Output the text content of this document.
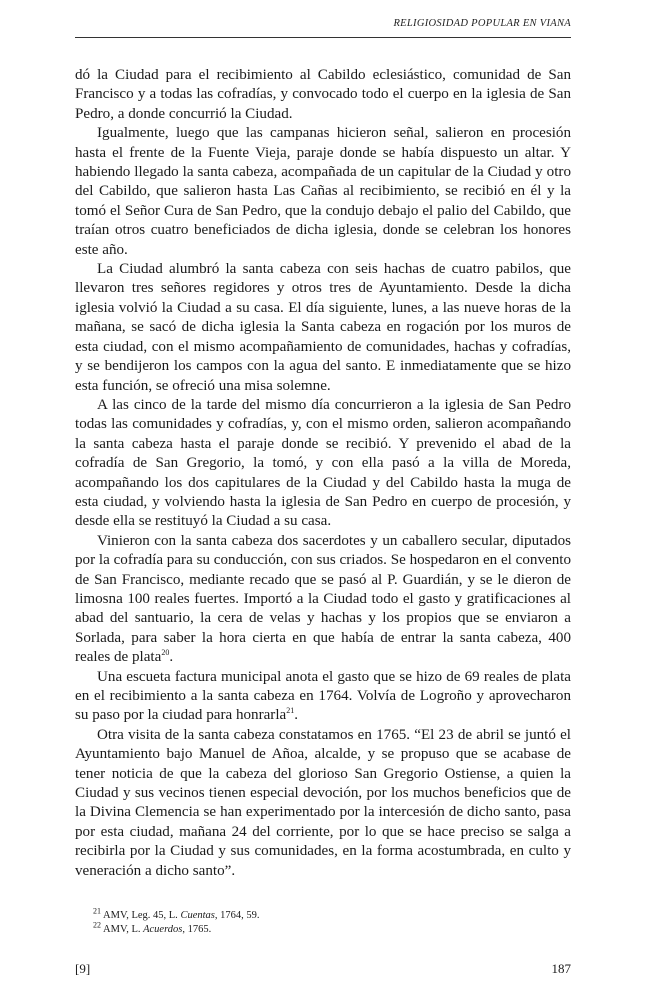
RELIGIOSIDAD POPULAR EN VIANA

dó la Ciudad para el recibimiento al Cabildo eclesiástico, comunidad de San Francisco y a todas las cofradías, y convocado todo el cuerpo en la iglesia de San Pedro, a donde concurrió la Ciudad.

Igualmente, luego que las campanas hicieron señal, salieron en procesión hasta el frente de la Fuente Vieja, paraje donde se había dispuesto un altar. Y habiendo llegado la santa cabeza, acompañada de un capitular de la Ciudad y otro del Cabildo, que salieron hasta Las Cañas al recibimiento, se recibió en él y la tomó el Señor Cura de San Pedro, que la condujo debajo el palio del Cabildo, que traían otros cuatro beneficiados de dicha iglesia, donde se celebran los honores este año.

La Ciudad alumbró la santa cabeza con seis hachas de cuatro pabilos, que llevaron tres señores regidores y otros tres de Ayuntamiento. Desde la dicha iglesia volvió la Ciudad a su casa. El día siguiente, lunes, a las nueve horas de la mañana, se sacó de dicha iglesia la Santa cabeza en rogación por los muros de esta ciudad, con el mismo acompañamiento de comunidades, hachas y cofradías, y se bendijeron los campos con la agua del santo. E inmediatamente que se hizo esta función, se ofreció una misa solemne.

A las cinco de la tarde del mismo día concurrieron a la iglesia de San Pedro todas las comunidades y cofradías, y, con el mismo orden, salieron acompañando la santa cabeza hasta el paraje donde se recibió. Y prevenido el abad de la cofradía de San Gregorio, la tomó, y con ella pasó a la villa de Moreda, acompañando los dos capitulares de la Ciudad y del Cabildo hasta la muga de esta ciudad, y volviendo hasta la iglesia de San Pedro en cuerpo de procesión, y desde ella se restituyó la Ciudad a su casa.

Vinieron con la santa cabeza dos sacerdotes y un caballero secular, diputados por la cofradía para su conducción, con sus criados. Se hospedaron en el convento de San Francisco, mediante recado que se pasó al P. Guardián, y se le dieron de limosna 100 reales fuertes. Importó a la Ciudad todo el gasto y gratificaciones al abad del santuario, la cera de velas y hachas y los propios que se enviaron a Sorlada, para saber la hora cierta en que había de entrar la santa cabeza, 400 reales de plata$^{20}$.

Una escueta factura municipal anota el gasto que se hizo de 69 reales de plata en el recibimiento a la santa cabeza en 1764. Volvía de Logroño y aprovecharon su paso por la ciudad para honrarla$^{21}$.

Otra visita de la santa cabeza constatamos en 1765. “El 23 de abril se juntó el Ayuntamiento bajo Manuel de Añoa, alcalde, y se propuso que se acabase de tener noticia de que la cabeza del glorioso San Gregorio Ostiense, a quien la Ciudad y sus vecinos tienen especial devoción, por los muchos beneficios que de la Divina Clemencia se han experimentado por la intercesión de dicho santo, pasa por esta ciudad, mañana 24 del corriente, por lo que se hace preciso se salga a recibirla por la Ciudad y sus comunidades, en la forma acostumbrada, en culto y veneración a dicho santo”.

$^{21}$ AMV, Leg. 45, L. Cuentas, 1764, 59.
$^{22}$ AMV, L. Acuerdos, 1765.
[9]	187
